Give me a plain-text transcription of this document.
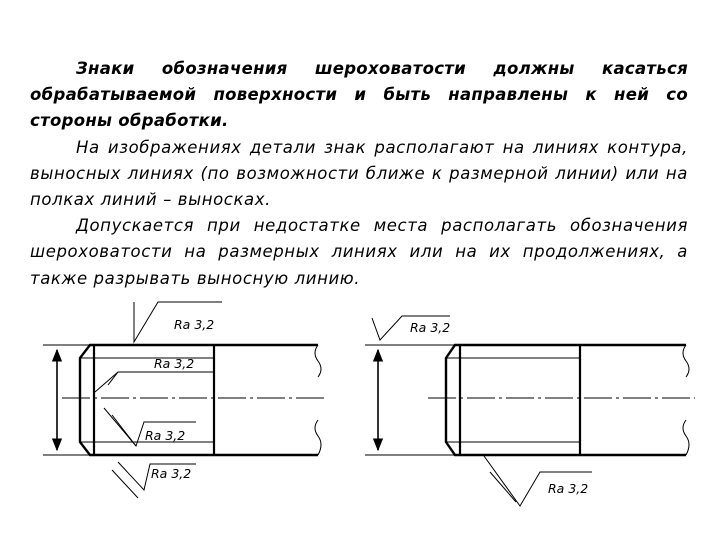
Знаки обозначения шероховатости должны касаться обрабатываемой поверхности и быть направлены к ней со стороны обработки.

На изображениях детали знак располагают на линиях контура, выносных линиях (по возможности ближе к размерной линии) или на полках линий – выносках.

Допускается при недостатке места располагать обозначения шероховатости на размерных линиях или на их продолжениях, а также разрывать выносную линию.

Ra 3,2
Ra 3,2
Ra 3,2
Ra 3,2
Ra 3,2
Ra 3,2
